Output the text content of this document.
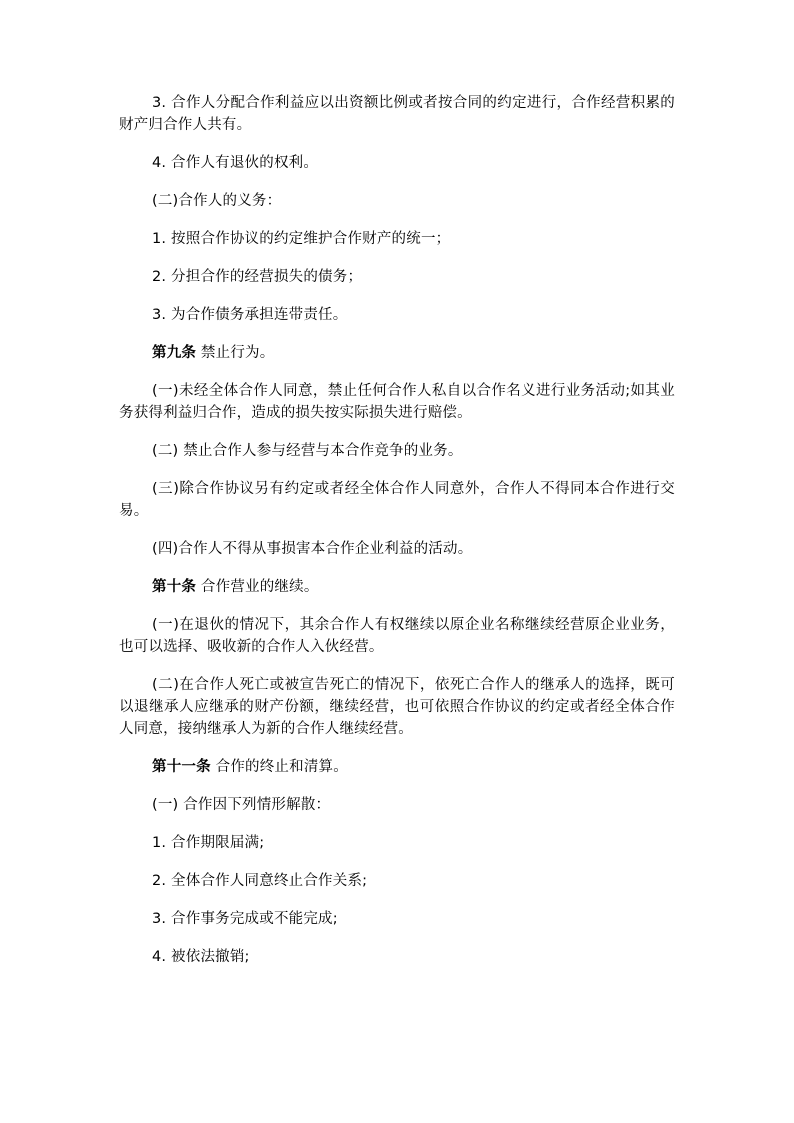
3. 合作人分配合作利益应以出资额比例或者按合同的约定进行，合作经营积累的财产归合作人共有。

4. 合作人有退伙的权利。

(二)合作人的义务：

1. 按照合作协议的约定维护合作财产的统一；

2. 分担合作的经营损失的债务；

3. 为合作债务承担连带责任。

第九条 禁止行为。

(一)未经全体合作人同意，禁止任何合作人私自以合作名义进行业务活动;如其业务获得利益归合作，造成的损失按实际损失进行赔偿。

(二) 禁止合作人参与经营与本合作竞争的业务。

(三)除合作协议另有约定或者经全体合作人同意外，合作人不得同本合作进行交易。

(四)合作人不得从事损害本合作企业利益的活动。

第十条 合作营业的继续。

(一)在退伙的情况下，其余合作人有权继续以原企业名称继续经营原企业业务，也可以选择、吸收新的合作人入伙经营。

(二)在合作人死亡或被宣告死亡的情况下，依死亡合作人的继承人的选择，既可以退继承人应继承的财产份额，继续经营，也可依照合作协议的约定或者经全体合作人同意，接纳继承人为新的合作人继续经营。

第十一条 合作的终止和清算。

(一) 合作因下列情形解散：

1. 合作期限届满;

2. 全体合作人同意终止合作关系;

3. 合作事务完成或不能完成;

4. 被依法撤销;
